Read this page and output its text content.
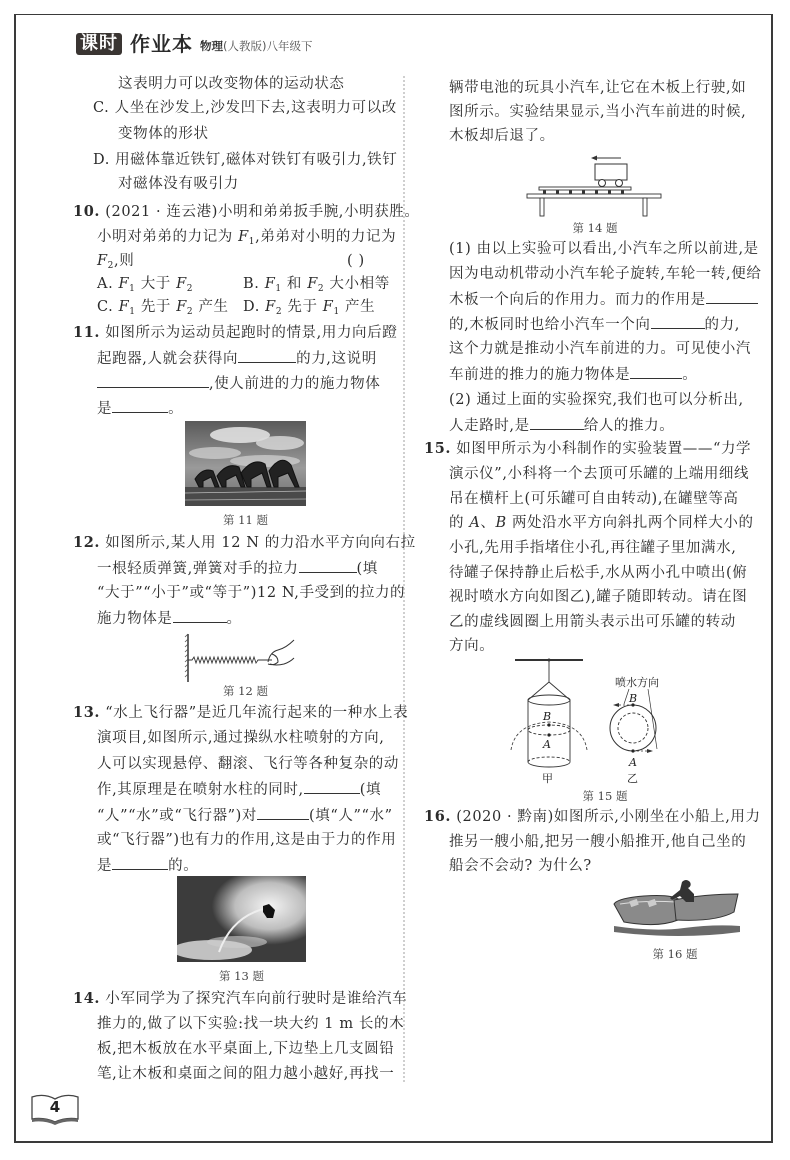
课时 作业本 物理(人教版)八年级下
这表明力可以改变物体的运动状态
C. 人坐在沙发上,沙发凹下去,这表明力可以改
变物体的形状
D. 用磁体靠近铁钉,磁体对铁钉有吸引力,铁钉
对磁体没有吸引力
10. (2021 · 连云港)小明和弟弟扳手腕,小明获胜。
小明对弟弟的力记为 $F_1$,弟弟对小明的力记为
$F_2$,则	( )
A. $F_1$ 大于 $F_2$	B. $F_1$ 和 $F_2$ 大小相等
C. $F_1$ 先于 $F_2$ 产生 D. $F_2$ 先于 $F_1$ 产生
11. 如图所示为运动员起跑时的情景,用力向后蹬
起跑器,人就会获得向	的力,这说明
,使人前进的力的施力物体
是	。
第 11 题
12. 如图所示,某人用 12 N 的力沿水平方向向右拉
一根轻质弹簧,弹簧对手的拉力	(填
“大于”“小于”或“等于”)12 N,手受到的拉力的
施力物体是	。
第 12 题
13. “水上飞行器”是近几年流行起来的一种水上表
演项目,如图所示,通过操纵水柱喷射的方向,
人可以实现悬停、翻滚、飞行等各种复杂的动
作,其原理是在喷射水柱的同时,	(填
“人”“水”或“飞行器”)对	(填“人”“水”
或“飞行器”)也有力的作用,这是由于力的作用
是	的。
第 13 题
14. 小军同学为了探究汽车向前行驶时是谁给汽车
推力的,做了以下实验:找一块大约 1 m 长的木
板,把木板放在水平桌面上,下边垫上几支圆铅
笔,让木板和桌面之间的阻力越小越好,再找一
辆带电池的玩具小汽车,让它在木板上行驶,如
图所示。实验结果显示,当小汽车前进的时候,
木板却后退了。
第 14 题
(1) 由以上实验可以看出,小汽车之所以前进,是
因为电动机带动小汽车轮子旋转,车轮一转,便给
木板一个向后的作用力。而力的作用是
的,木板同时也给小汽车一个向	的力,
这个力就是推动小汽车前进的力。可见使小汽
车前进的推力的施力物体是	。
(2) 通过上面的实验探究,我们也可以分析出,
人走路时,是	给人的推力。
15. 如图甲所示为小科制作的实验装置——“力学
演示仪”,小科将一个去顶可乐罐的上端用细线
吊在横杆上(可乐罐可自由转动),在罐壁等高
的 A、B 两处沿水平方向斜扎两个同样大小的
小孔,先用手指堵住小孔,再往罐子里加满水,
待罐子保持静止后松手,水从两小孔中喷出(俯
视时喷水方向如图乙),罐子随即转动。请在图
乙的虚线圆圈上用箭头表示出可乐罐的转动
方向。
B
A
甲
喷水方向
B
A
乙
第 15 题
16. (2020 · 黔南)如图所示,小刚坐在小船上,用力
推另一艘小船,把另一艘小船推开,他自己坐的
船会不会动? 为什么?
第 16 题
4
